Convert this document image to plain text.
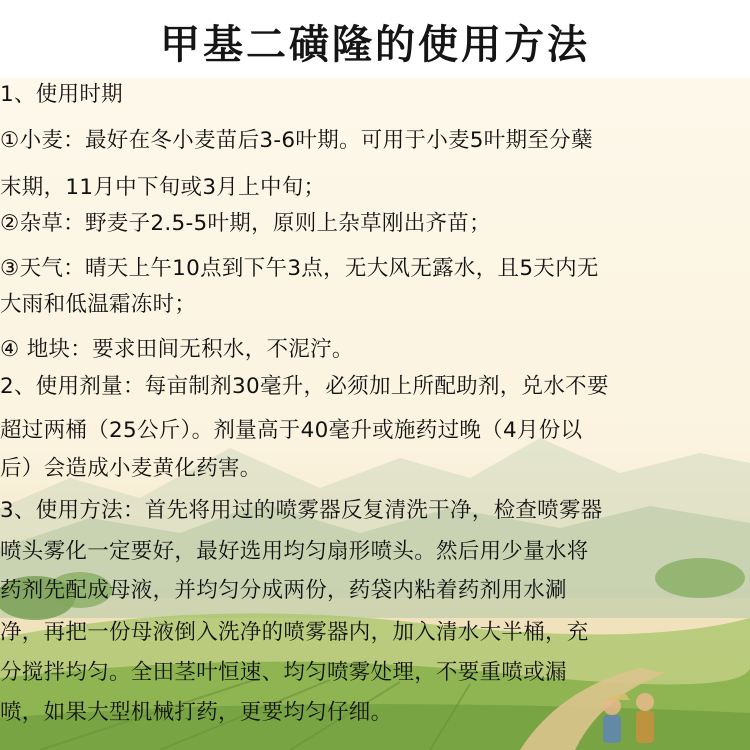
甲基二磺隆的使用方法
1、使用时期
①小麦：最好在冬小麦苗后3-6叶期。可用于小麦5叶期至分蘖
末期，11月中下旬或3月上中旬；
②杂草：野麦子2.5-5叶期，原则上杂草刚出齐苗；
③天气：晴天上午10点到下午3点，无大风无露水，且5天内无
大雨和低温霜冻时；
④ 地块：要求田间无积水，不泥泞。
2、使用剂量：每亩制剂30毫升，必须加上所配助剂，兑水不要
超过两桶（25公斤）。剂量高于40毫升或施药过晚（4月份以
后）会造成小麦黄化药害。
3、使用方法：首先将用过的喷雾器反复清洗干净，检查喷雾器
喷头雾化一定要好，最好选用均匀扇形喷头。然后用少量水将
药剂先配成母液，并均匀分成两份，药袋内粘着药剂用水涮
净，再把一份母液倒入洗净的喷雾器内，加入清水大半桶，充
分搅拌均匀。全田茎叶恒速、均匀喷雾处理，不要重喷或漏
喷，如果大型机械打药，更要均匀仔细。
